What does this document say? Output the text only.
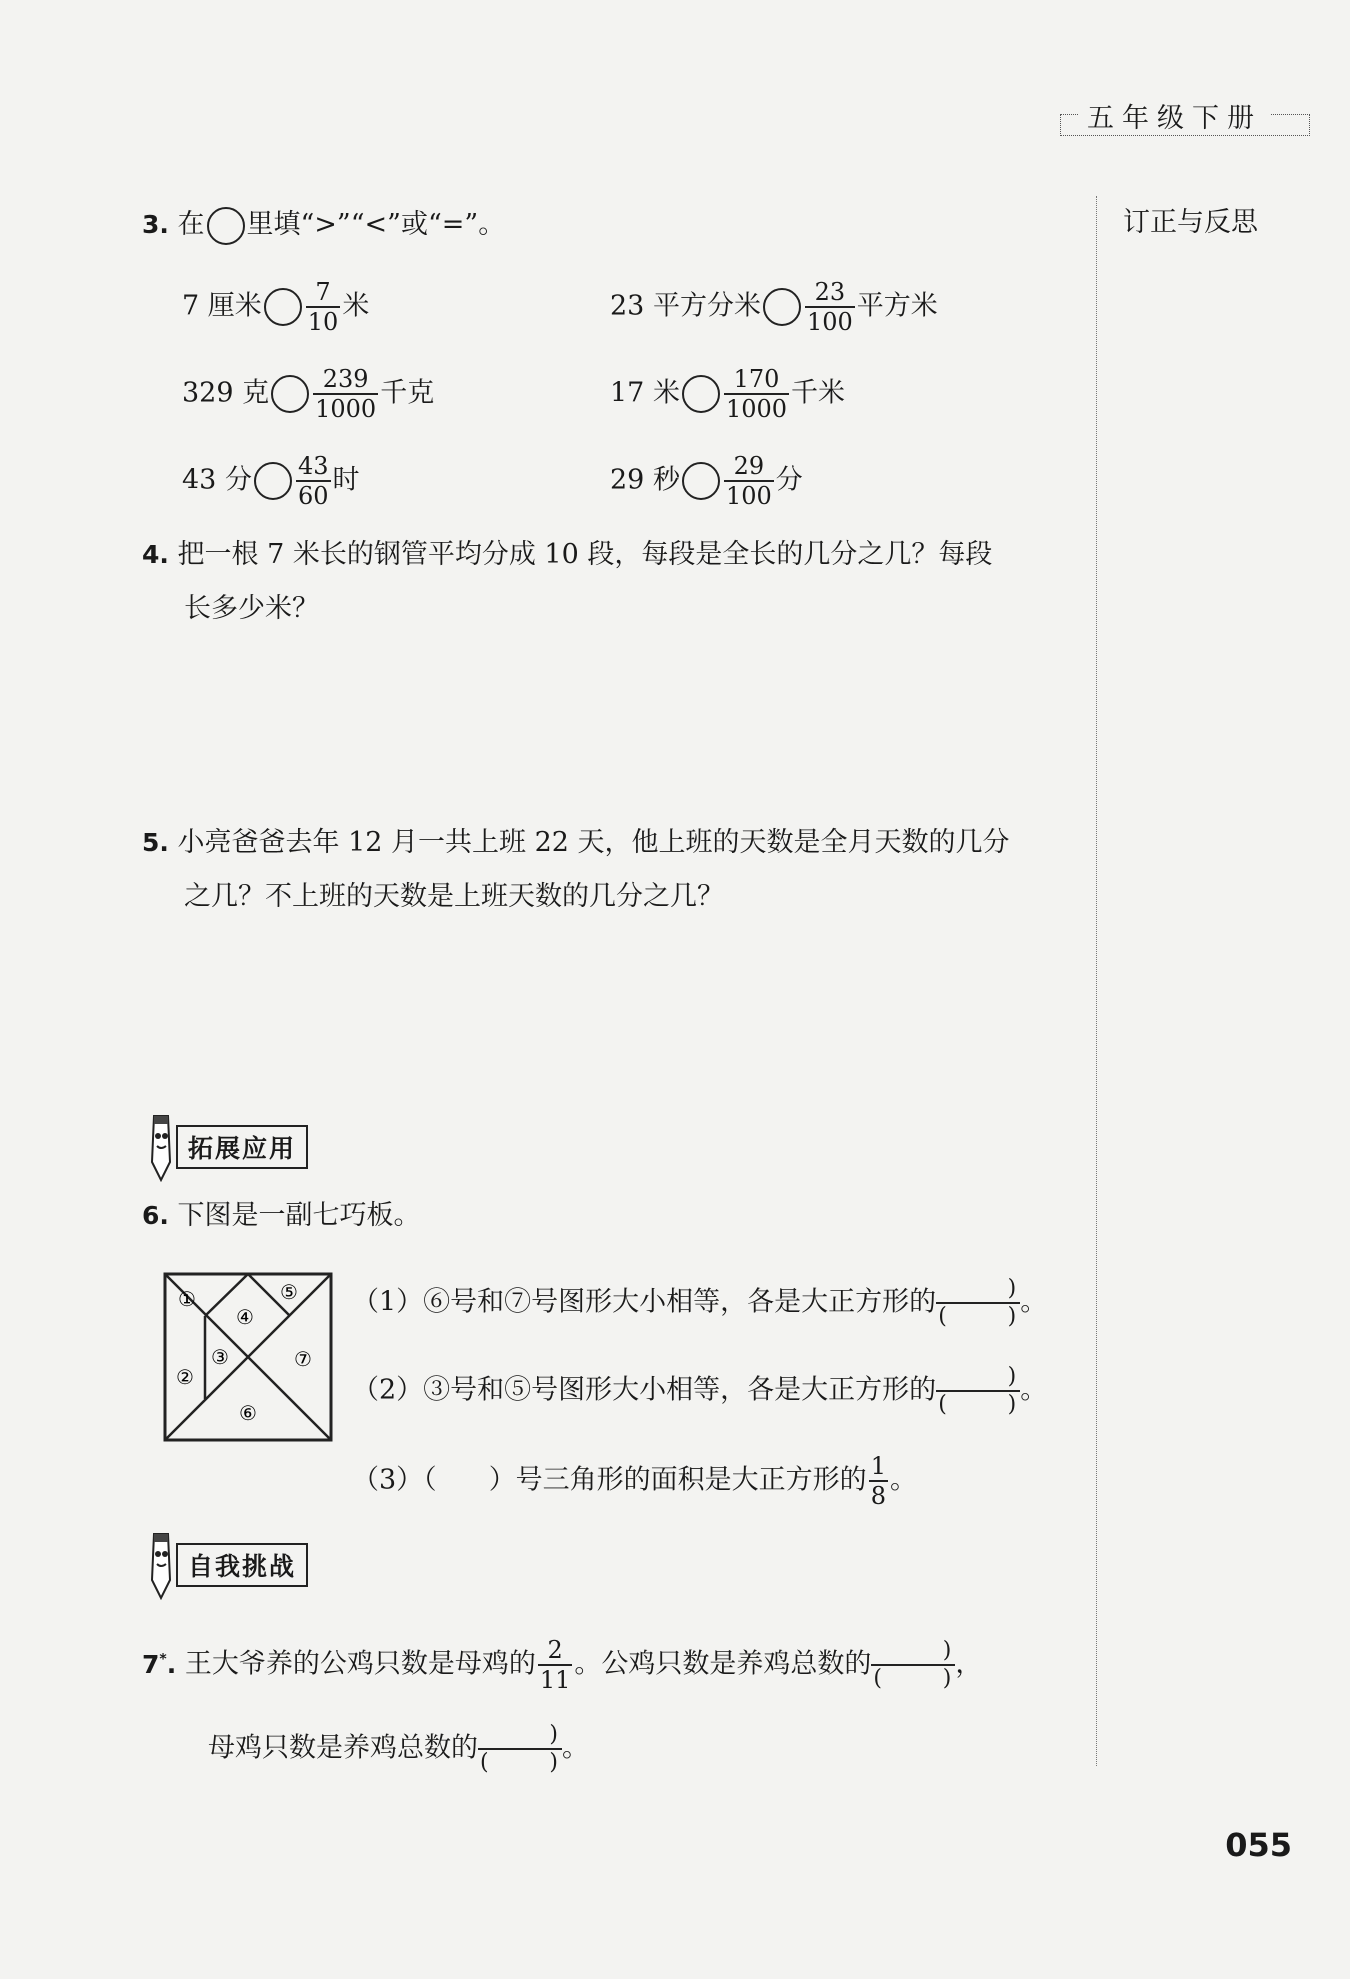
五年级下册
订正与反思
3. 在 里填“>”“<”或“=”。
7 厘米 $\frac{7}{10}$ 米	23 平方分米 $\frac{23}{100}$ 平方米
329 克 $\frac{239}{1000}$ 千克	17 米 $\frac{170}{1000}$ 千米
43 分 $\frac{43}{60}$ 时	29 秒 $\frac{29}{100}$ 分
4. 把一根 7 米长的钢管平均分成 10 段，每段是全长的几分之几？每段
长多少米？
5. 小亮爸爸去年 12 月一共上班 22 天，他上班的天数是全月天数的几分
之几？不上班的天数是上班天数的几分之几？
拓展应用
6. 下图是一副七巧板。
①
②
③
④
⑤
⑥
⑦
（1）⑥号和⑦号图形大小相等，各是大正方形的 )
(	) 。
（2）③号和⑤号图形大小相等，各是大正方形的 )
(	) 。
（3）（ ）号三角形的面积是大正方形的 $\frac{1}{8}$ 。
自我挑战
7*. 王大爷养的公鸡只数是母鸡的 $\frac{2}{11}$ 。公鸡只数是养鸡总数的 )
(	) ，
母鸡只数是养鸡总数的 )
(	) 。
055
